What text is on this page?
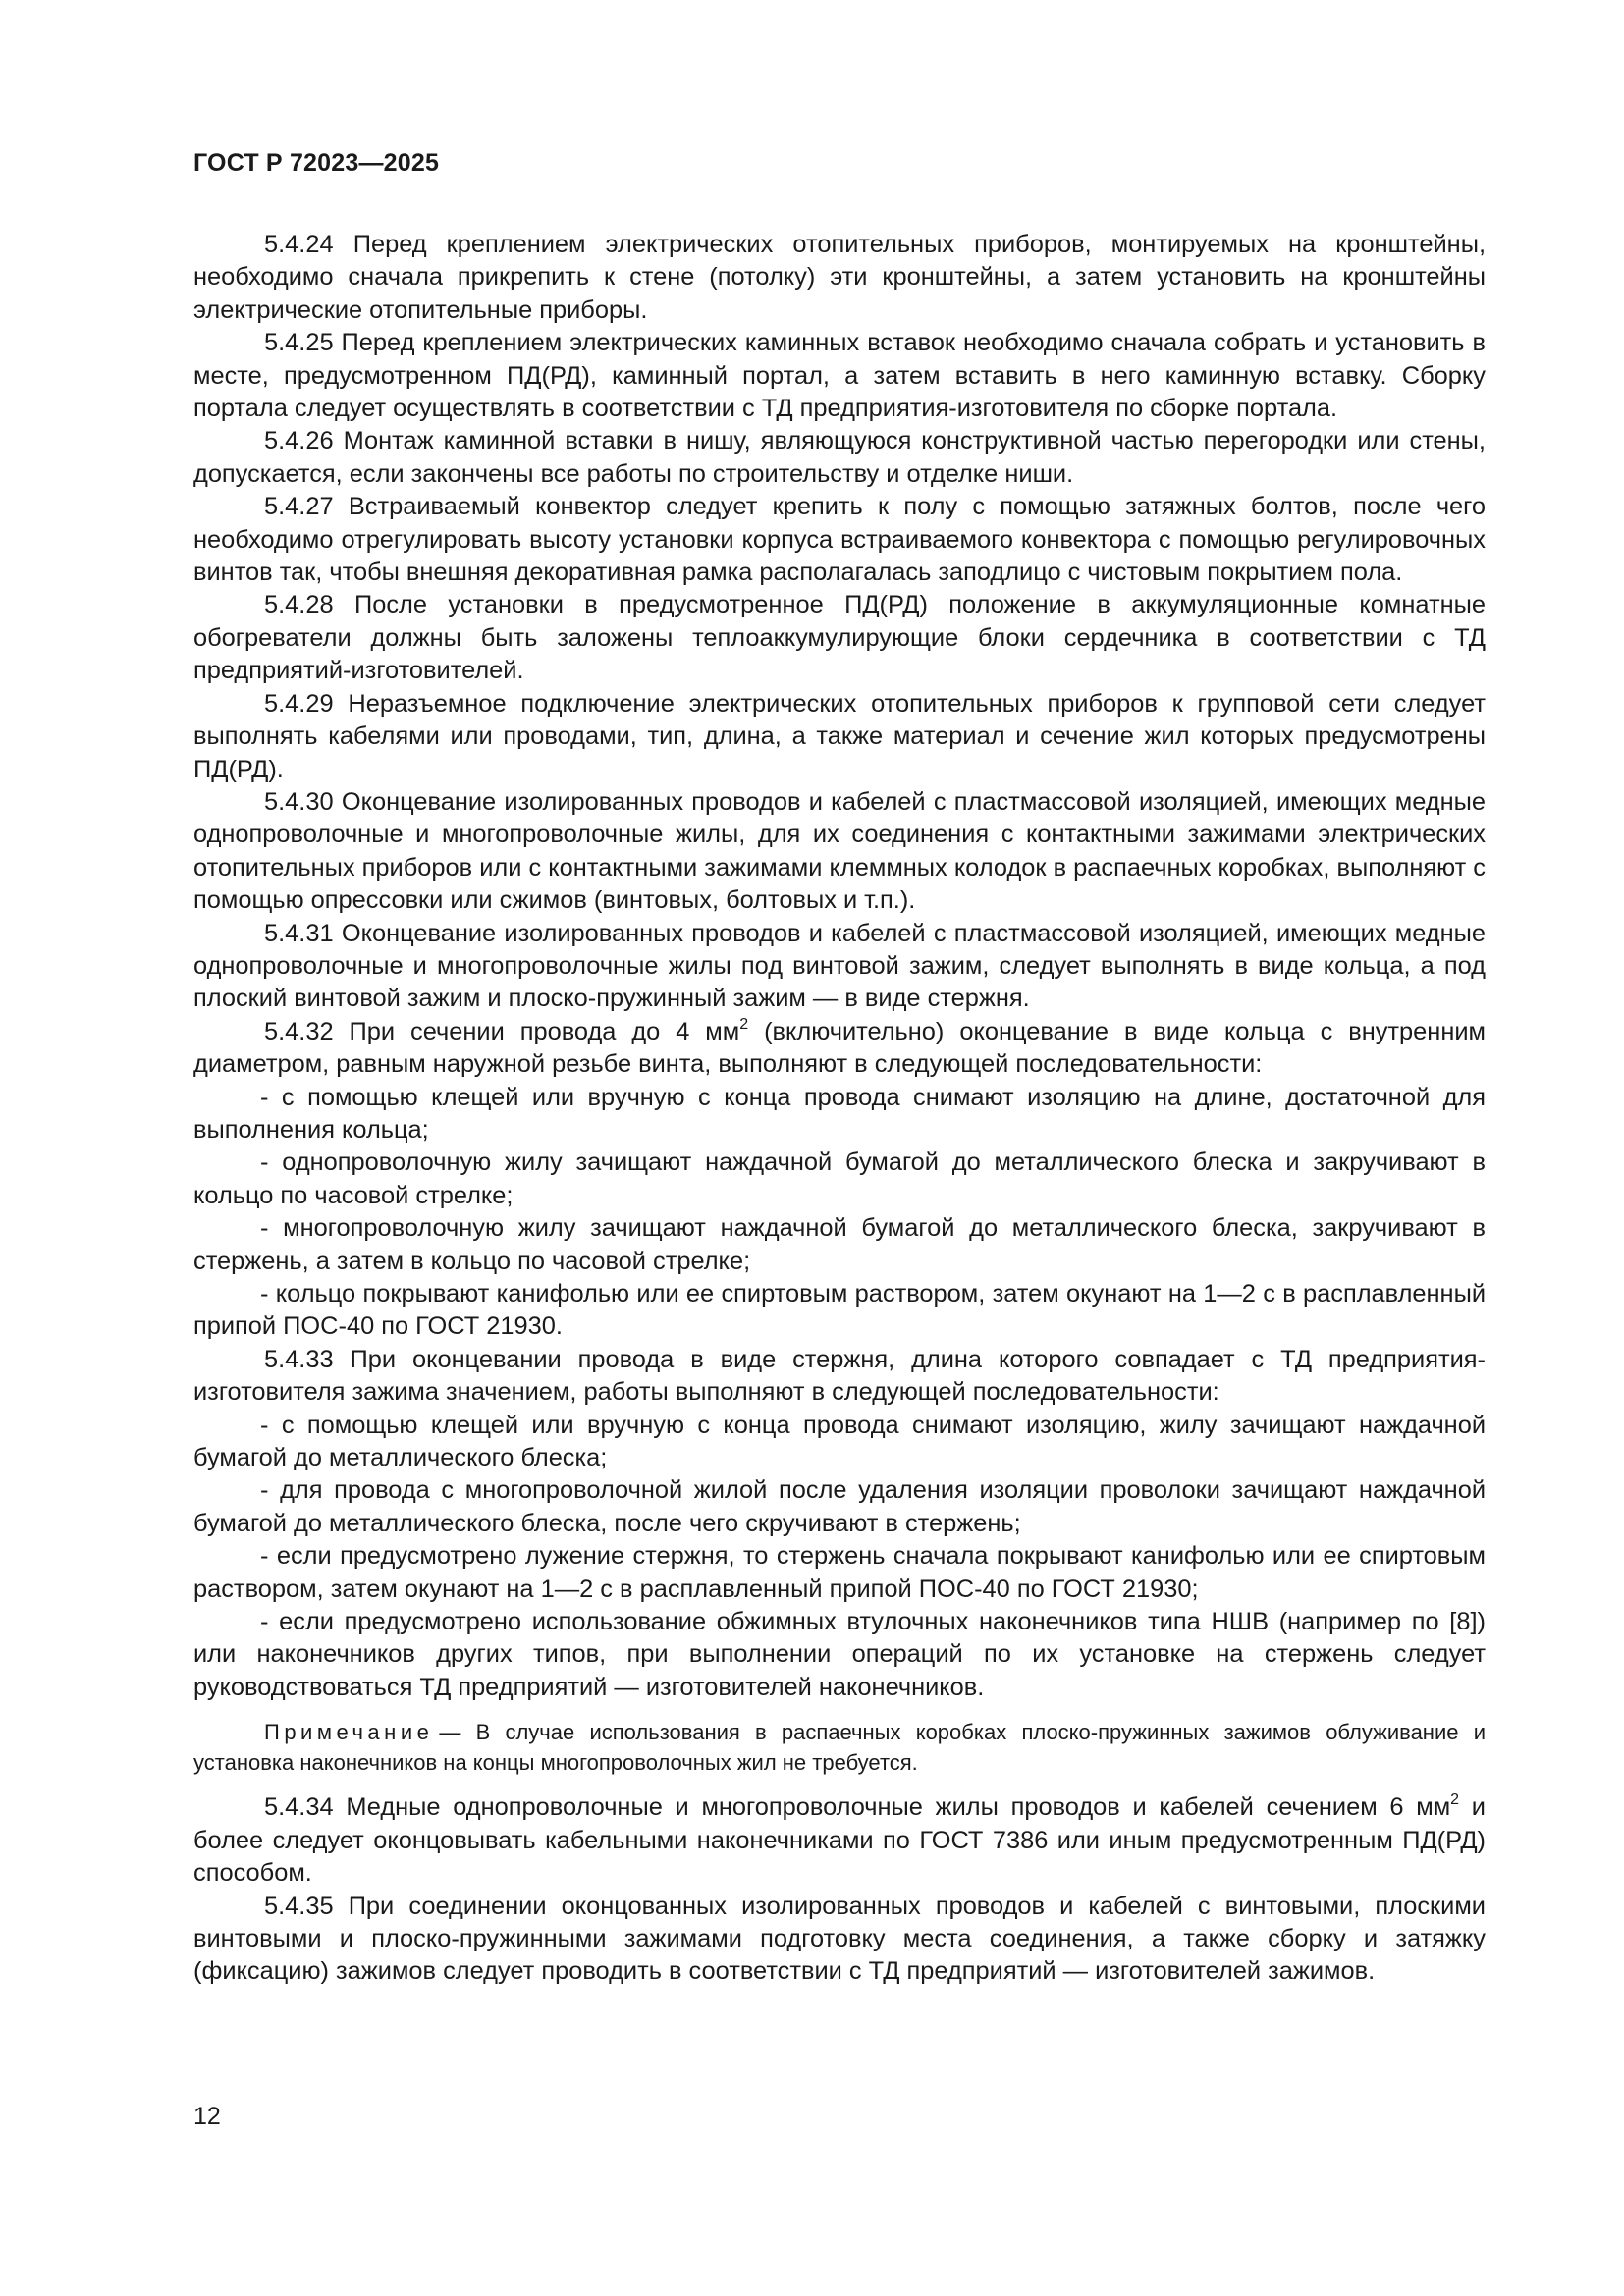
ГОСТ Р 72023—2025

5.4.24 Перед креплением электрических отопительных приборов, монтируемых на кронштейны, необходимо сначала прикрепить к стене (потолку) эти кронштейны, а затем установить на кронштейны электрические отопительные приборы.

5.4.25 Перед креплением электрических каминных вставок необходимо сначала собрать и установить в месте, предусмотренном ПД(РД), каминный портал, а затем вставить в него каминную вставку. Сборку портала следует осуществлять в соответствии с ТД предприятия-изготовителя по сборке портала.

5.4.26 Монтаж каминной вставки в нишу, являющуюся конструктивной частью перегородки или стены, допускается, если закончены все работы по строительству и отделке ниши.

5.4.27 Встраиваемый конвектор следует крепить к полу с помощью затяжных болтов, после чего необходимо отрегулировать высоту установки корпуса встраиваемого конвектора с помощью регулировочных винтов так, чтобы внешняя декоративная рамка располагалась заподлицо с чистовым покрытием пола.

5.4.28 После установки в предусмотренное ПД(РД) положение в аккумуляционные комнатные обогреватели должны быть заложены теплоаккумулирующие блоки сердечника в соответствии с ТД предприятий-изготовителей.

5.4.29 Неразъемное подключение электрических отопительных приборов к групповой сети следует выполнять кабелями или проводами, тип, длина, а также материал и сечение жил которых предусмотрены ПД(РД).

5.4.30 Оконцевание изолированных проводов и кабелей с пластмассовой изоляцией, имеющих медные однопроволочные и многопроволочные жилы, для их соединения с контактными зажимами электрических отопительных приборов или с контактными зажимами клеммных колодок в распаечных коробках, выполняют с помощью опрессовки или сжимов (винтовых, болтовых и т.п.).

5.4.31 Оконцевание изолированных проводов и кабелей с пластмассовой изоляцией, имеющих медные однопроволочные и многопроволочные жилы под винтовой зажим, следует выполнять в виде кольца, а под плоский винтовой зажим и плоско-пружинный зажим — в виде стержня.

5.4.32 При сечении провода до 4 $мм^2$ (включительно) оконцевание в виде кольца с внутренним диаметром, равным наружной резьбе винта, выполняют в следующей последовательности:

- с помощью клещей или вручную с конца провода снимают изоляцию на длине, достаточной для выполнения кольца;

- однопроволочную жилу зачищают наждачной бумагой до металлического блеска и закручивают в кольцо по часовой стрелке;

- многопроволочную жилу зачищают наждачной бумагой до металлического блеска, закручивают в стержень, а затем в кольцо по часовой стрелке;

- кольцо покрывают канифолью или ее спиртовым раствором, затем окунают на 1—2 с в расплавленный припой ПОС-40 по ГОСТ 21930.

5.4.33 При оконцевании провода в виде стержня, длина которого совпадает с ТД предприятия-изготовителя зажима значением, работы выполняют в следующей последовательности:

- с помощью клещей или вручную с конца провода снимают изоляцию, жилу зачищают наждачной бумагой до металлического блеска;

- для провода с многопроволочной жилой после удаления изоляции проволоки зачищают наждачной бумагой до металлического блеска, после чего скручивают в стержень;

- если предусмотрено лужение стержня, то стержень сначала покрывают канифолью или ее спиртовым раствором, затем окунают на 1—2 с в расплавленный припой ПОС-40 по ГОСТ 21930;

- если предусмотрено использование обжимных втулочных наконечников типа НШВ (например по [8]) или наконечников других типов, при выполнении операций по их установке на стержень следует руководствоваться ТД предприятий — изготовителей наконечников.

Примечание — В случае использования в распаечных коробках плоско-пружинных зажимов облуживание и установка наконечников на концы многопроволочных жил не требуется.

5.4.34 Медные однопроволочные и многопроволочные жилы проводов и кабелей сечением 6 $мм^2$ и более следует оконцовывать кабельными наконечниками по ГОСТ 7386 или иным предусмотренным ПД(РД) способом.

5.4.35 При соединении оконцованных изолированных проводов и кабелей с винтовыми, плоскими винтовыми и плоско-пружинными зажимами подготовку места соединения, а также сборку и затяжку (фиксацию) зажимов следует проводить в соответствии с ТД предприятий — изготовителей зажимов.

12
